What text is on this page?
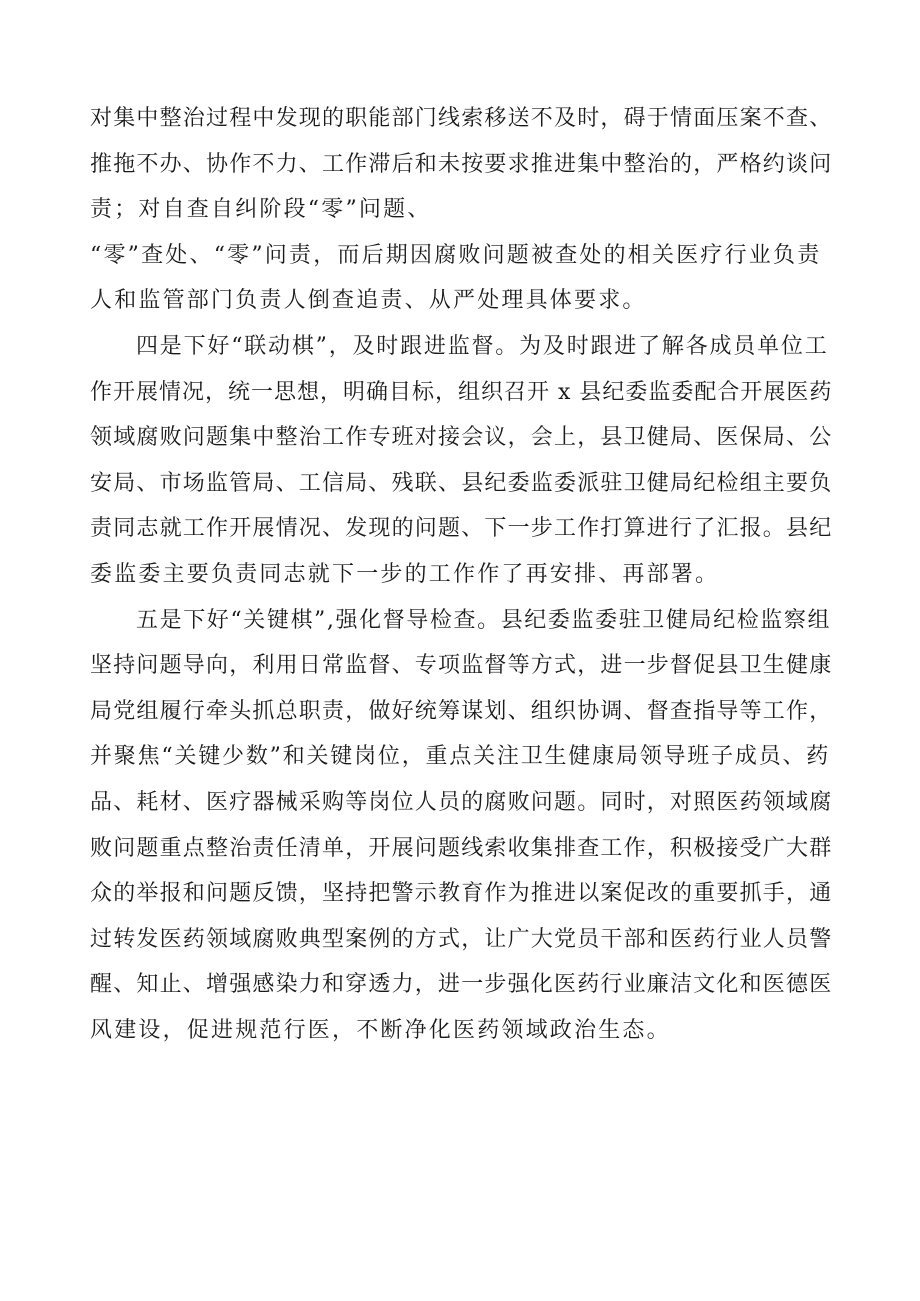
对集中整治过程中发现的职能部门线索移送不及时，碍于情面压案不查、
推拖不办、协作不力、工作滞后和未按要求推进集中整治的，严格约谈问
责；对自查自纠阶段“零”问题、
“零”查处、“零”问责，而后期因腐败问题被查处的相关医疗行业负责
人和监管部门负责人倒查追责、从严处理具体要求。
四是下好“联动棋”，及时跟进监督。为及时跟进了解各成员单位工
作开展情况，统一思想，明确目标，组织召开 x 县纪委监委配合开展医药
领域腐败问题集中整治工作专班对接会议，会上，县卫健局、医保局、公
安局、市场监管局、工信局、残联、县纪委监委派驻卫健局纪检组主要负
责同志就工作开展情况、发现的问题、下一步工作打算进行了汇报。县纪
委监委主要负责同志就下一步的工作作了再安排、再部署。
五是下好“关键棋”,强化督导检查。县纪委监委驻卫健局纪检监察组
坚持问题导向，利用日常监督、专项监督等方式，进一步督促县卫生健康
局党组履行牵头抓总职责，做好统筹谋划、组织协调、督查指导等工作，
并聚焦“关键少数”和关键岗位，重点关注卫生健康局领导班子成员、药
品、耗材、医疗器械采购等岗位人员的腐败问题。同时，对照医药领域腐
败问题重点整治责任清单，开展问题线索收集排查工作，积极接受广大群
众的举报和问题反馈，坚持把警示教育作为推进以案促改的重要抓手，通
过转发医药领域腐败典型案例的方式，让广大党员干部和医药行业人员警
醒、知止、增强感染力和穿透力，进一步强化医药行业廉洁文化和医德医
风建设，促进规范行医，不断净化医药领域政治生态。
